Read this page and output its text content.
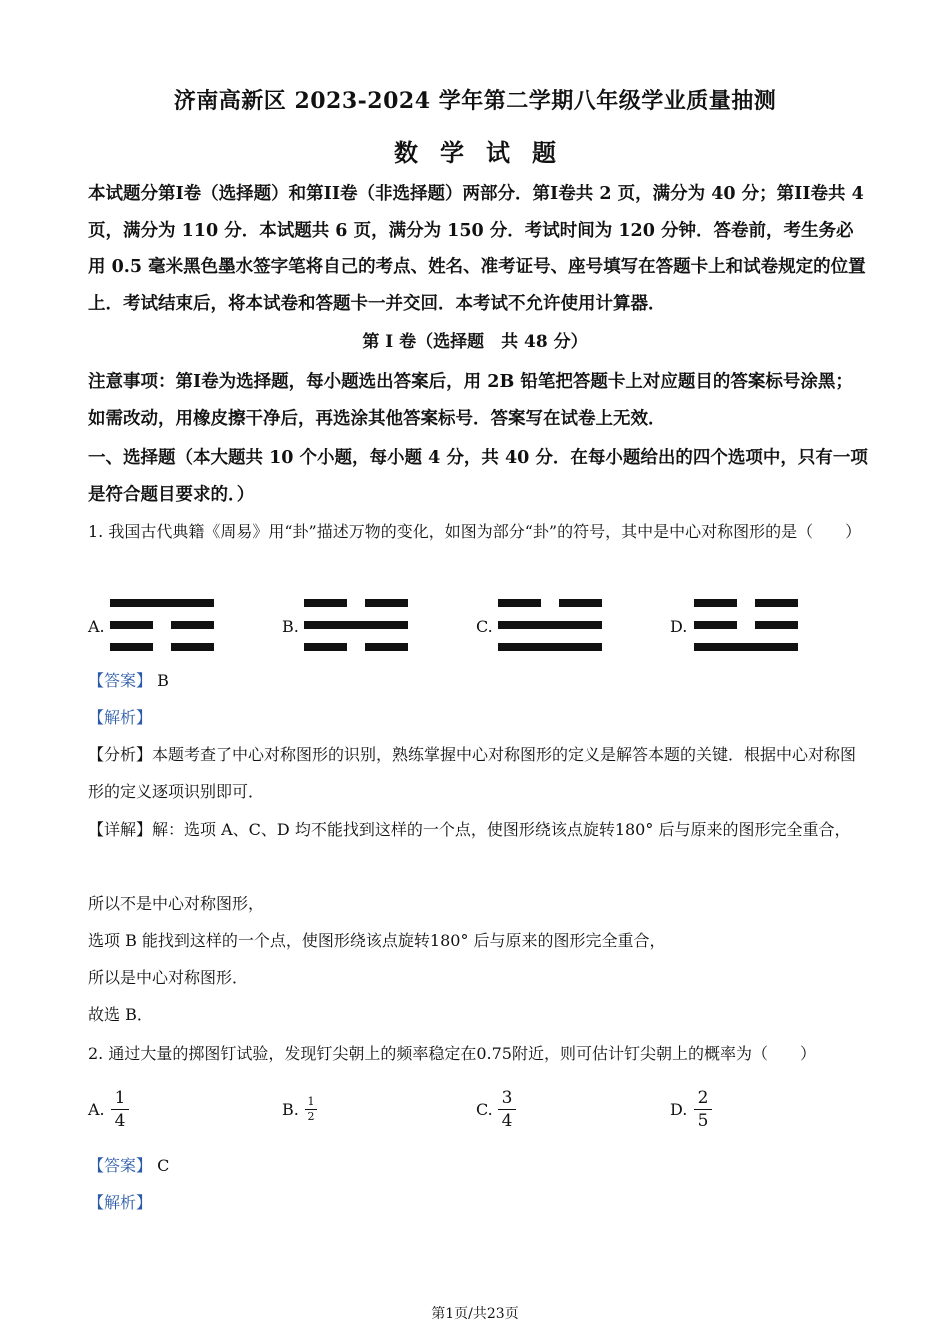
济南高新区 2023-2024 学年第二学期八年级学业质量抽测
数学试题
本试题分第I卷（选择题）和第II卷（非选择题）两部分．第I卷共 2 页，满分为 40 分；第II卷共 4 页，满分为 110 分．本试题共 6 页，满分为 150 分．考试时间为 120 分钟．答卷前，考生务必用 0.5 毫米黑色墨水签字笔将自己的考点、姓名、准考证号、座号填写在答题卡上和试卷规定的位置上．考试结束后，将本试卷和答题卡一并交回．本考试不允许使用计算器．
第 I 卷（选择题　共 48 分）
注意事项：第I卷为选择题，每小题选出答案后，用 2B 铅笔把答题卡上对应题目的答案标号涂黑；如需改动，用橡皮擦干净后，再选涂其他答案标号．答案写在试卷上无效．
一、选择题（本大题共 10 个小题，每小题 4 分，共 40 分．在每小题给出的四个选项中，只有一项是符合题目要求的．）
1. 我国古代典籍《周易》用“卦”描述万物的变化，如图为部分“卦”的符号，其中是中心对称图形的是（　　）
A.	B.	C.	D.
【答案】 B
【解析】
【分析】本题考查了中心对称图形的识别，熟练掌握中心对称图形的定义是解答本题的关键．根据中心对称图形的定义逐项识别即可．
【详解】解：选项 A、C、D 均不能找到这样的一个点，使图形绕该点旋转180° 后与原来的图形完全重合，
所以不是中心对称图形，
选项 B 能找到这样的一个点，使图形绕该点旋转180° 后与原来的图形完全重合，
所以是中心对称图形．
故选 B．
2. 通过大量的掷图钉试验，发现钉尖朝上的频率稳定在0.75附近，则可估计钉尖朝上的概率为（　　）
A.
1
4
B. 1
2	C.
3
4
D.
2
5
【答案】 C
【解析】
第1页/共23页
